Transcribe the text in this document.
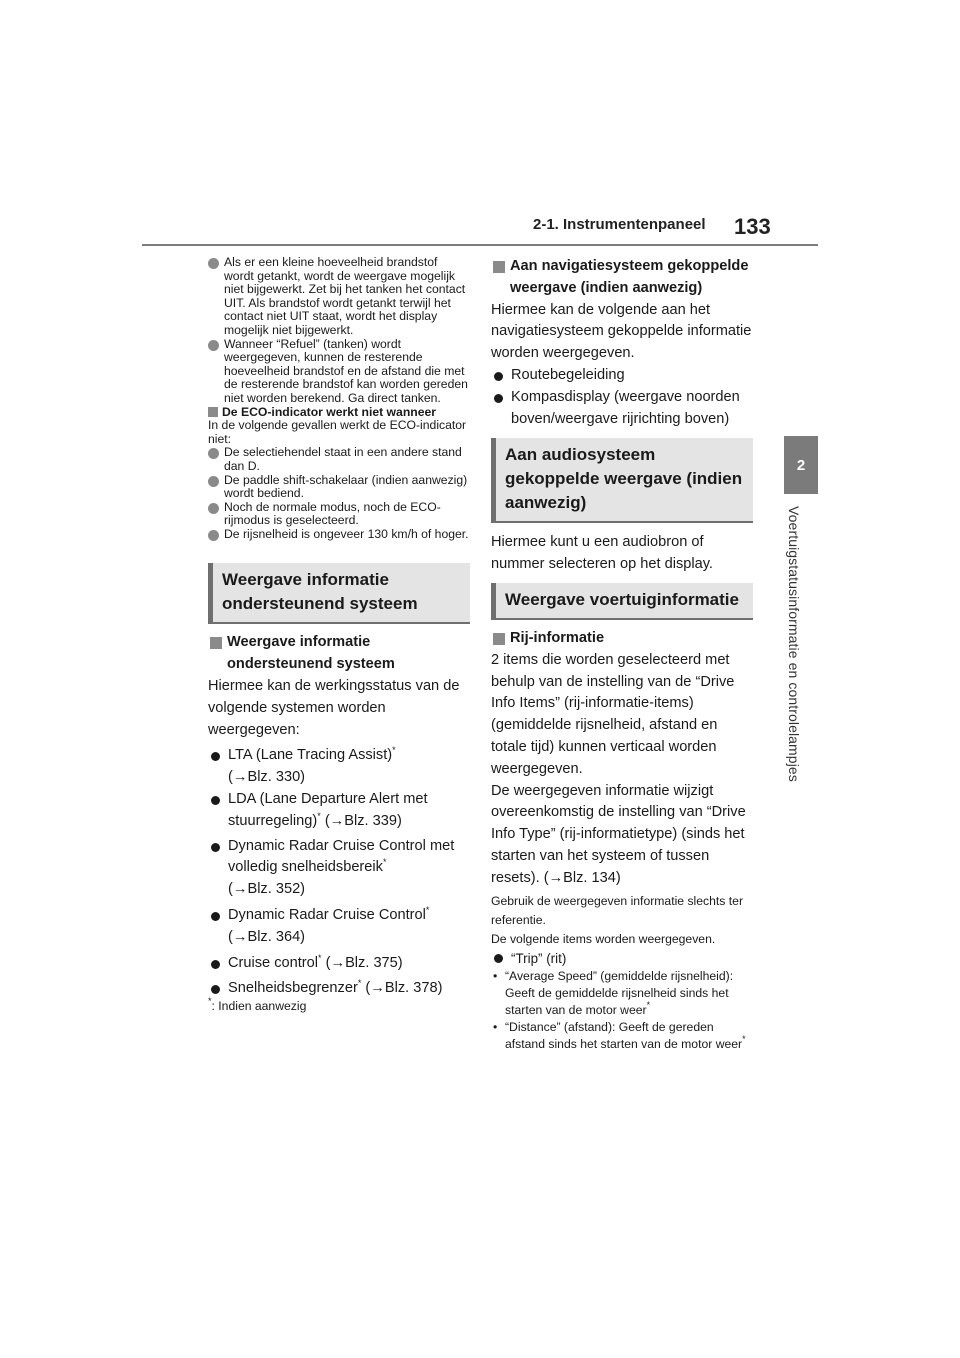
2-1. Instrumentenpaneel 133
2
Voertuigstatusinformatie en controlelampjes

Als er een kleine hoeveelheid brandstof wordt getankt, wordt de weergave mogelijk niet bijgewerkt. Zet bij het tanken het contact UIT. Als brandstof wordt getankt terwijl het contact niet UIT staat, wordt het display mogelijk niet bijgewerkt.

Wanneer “Refuel” (tanken) wordt weergegeven, kunnen de resterende hoeveelheid brandstof en de afstand die met de resterende brandstof kan worden gereden niet worden berekend. Ga direct tanken.

De ECO-indicator werkt niet wanneer

In de volgende gevallen werkt de ECO-indicator niet:

De selectiehendel staat in een andere stand dan D.

De paddle shift-schakelaar (indien aanwezig) wordt bediend.

Noch de normale modus, noch de ECO-rijmodus is geselecteerd.

De rijsnelheid is ongeveer 130 km/h of hoger.

Weergave informatie ondersteunend systeem
Weergave informatie ondersteunend systeem
Hiermee kan de werkingsstatus van de volgende systemen worden weergegeven:
LTA (Lane Tracing Assist)*
(→Blz. 330)
LDA (Lane Departure Alert met stuurregeling)* (→Blz. 339)
Dynamic Radar Cruise Control met volledig snelheidsbereik*
(→Blz. 352)
Dynamic Radar Cruise Control*
(→Blz. 364)
Cruise control* (→Blz. 375)
Snelheidsbegrenzer* (→Blz. 378)
*: Indien aanwezig
Aan navigatiesysteem gekoppelde weergave (indien aanwezig)
Hiermee kan de volgende aan het navigatiesysteem gekoppelde informatie worden weergegeven.
Routebegeleiding
Kompasdisplay (weergave noorden boven/weergave rijrichting boven)
Aan audiosysteem gekoppelde weergave (indien aanwezig)
Hiermee kunt u een audiobron of nummer selecteren op het display.
Weergave voertuiginformatie
Rij-informatie
2 items die worden geselecteerd met behulp van de instelling van de “Drive Info Items” (rij-informatie-items) (gemiddelde rijsnelheid, afstand en totale tijd) kunnen verticaal worden weergegeven.
De weergegeven informatie wijzigt overeenkomstig de instelling van “Drive Info Type” (rij-informatietype) (sinds het starten van het systeem of tussen resets). (→Blz. 134)
Gebruik de weergegeven informatie slechts ter referentie.
De volgende items worden weergegeven.
“Trip” (rit)
• “Average Speed” (gemiddelde rijsnelheid): Geeft de gemiddelde rijsnelheid sinds het starten van de motor weer*
• “Distance” (afstand): Geeft de gereden afstand sinds het starten van de motor weer*
